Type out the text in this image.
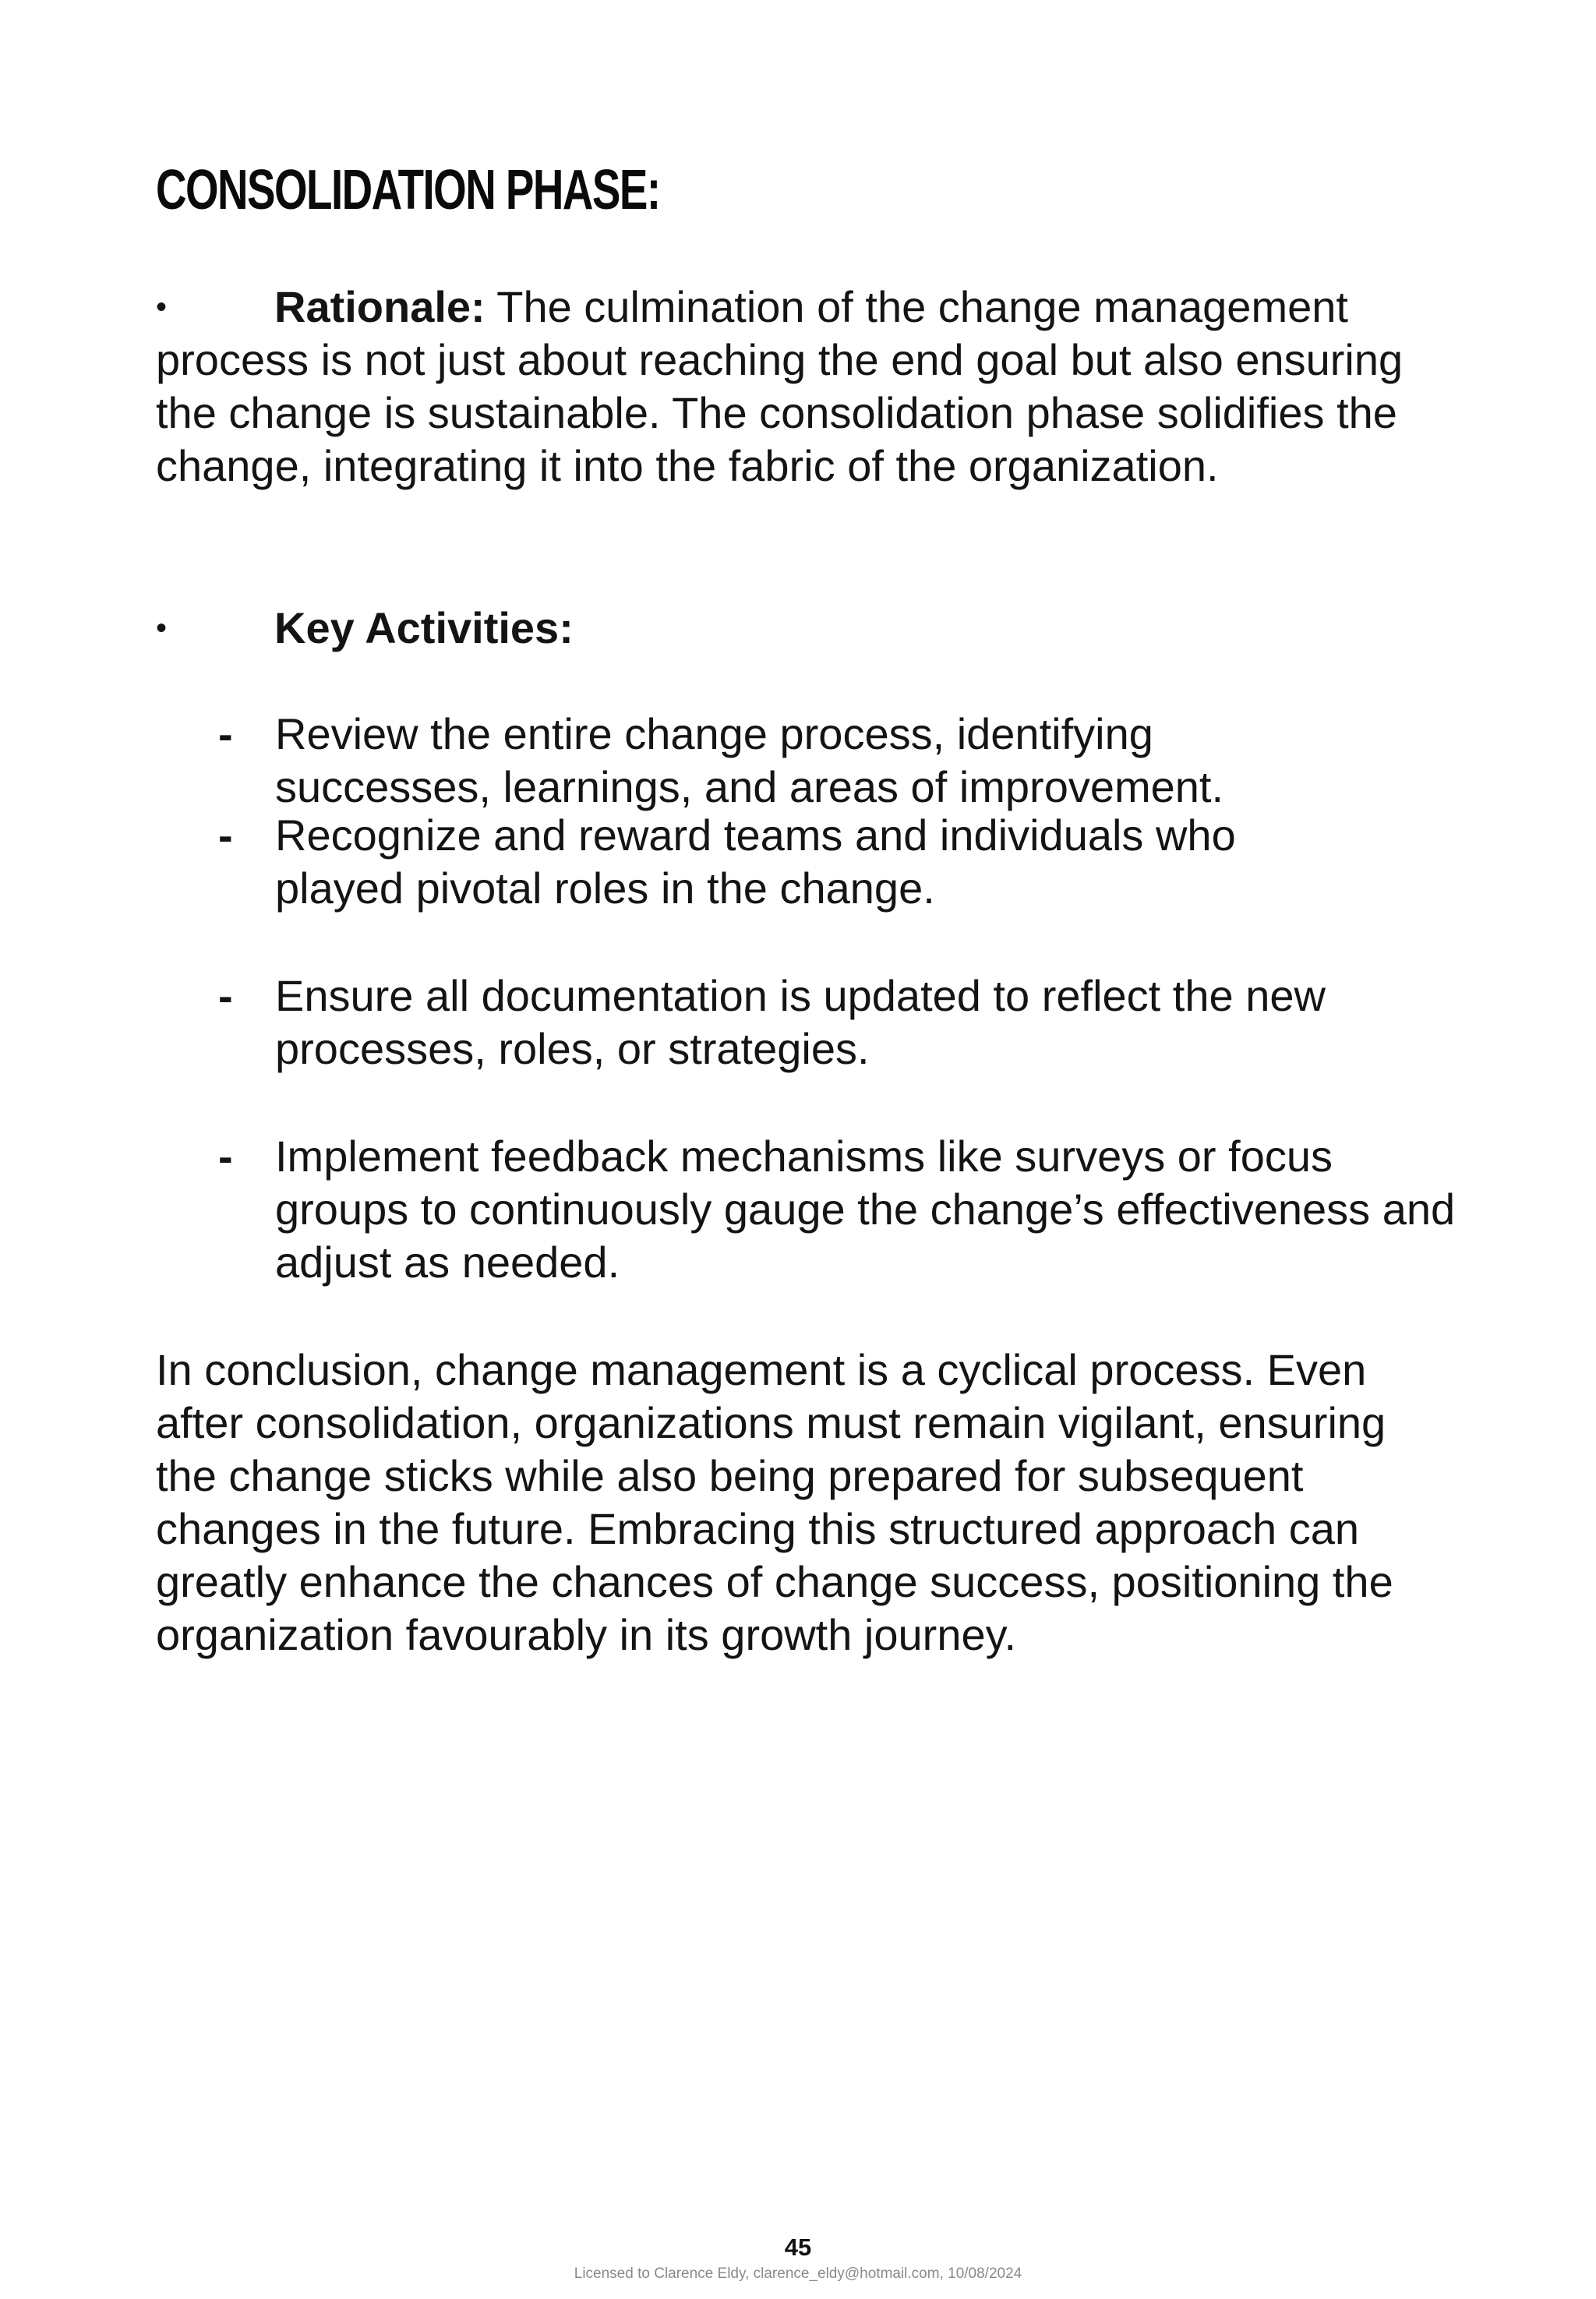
CONSOLIDATION PHASE:
•	Rationale: The culmination of the change management process is not just about reaching the end goal but also ensuring the change is sustainable. The consolidation phase solidifies the change, integrating it into the fabric of the organization.
•	Key Activities:
- Review the entire change process, identifying successes, learnings, and areas of improvement.
- Recognize and reward teams and individuals who played pivotal roles in the change.
- Ensure all documentation is updated to reflect the new processes, roles, or strategies.
- Implement feedback mechanisms like surveys or focus groups to continuously gauge the change’s effectiveness and adjust as needed.

In conclusion, change management is a cyclical process. Even after consolidation, organizations must remain vigilant, ensuring the change sticks while also being prepared for subsequent changes in the future. Embracing this structured approach can greatly enhance the chances of change success, positioning the organization favourably in its growth journey.

45
Licensed to Clarence Eldy, clarence_eldy@hotmail.com, 10/08/2024
